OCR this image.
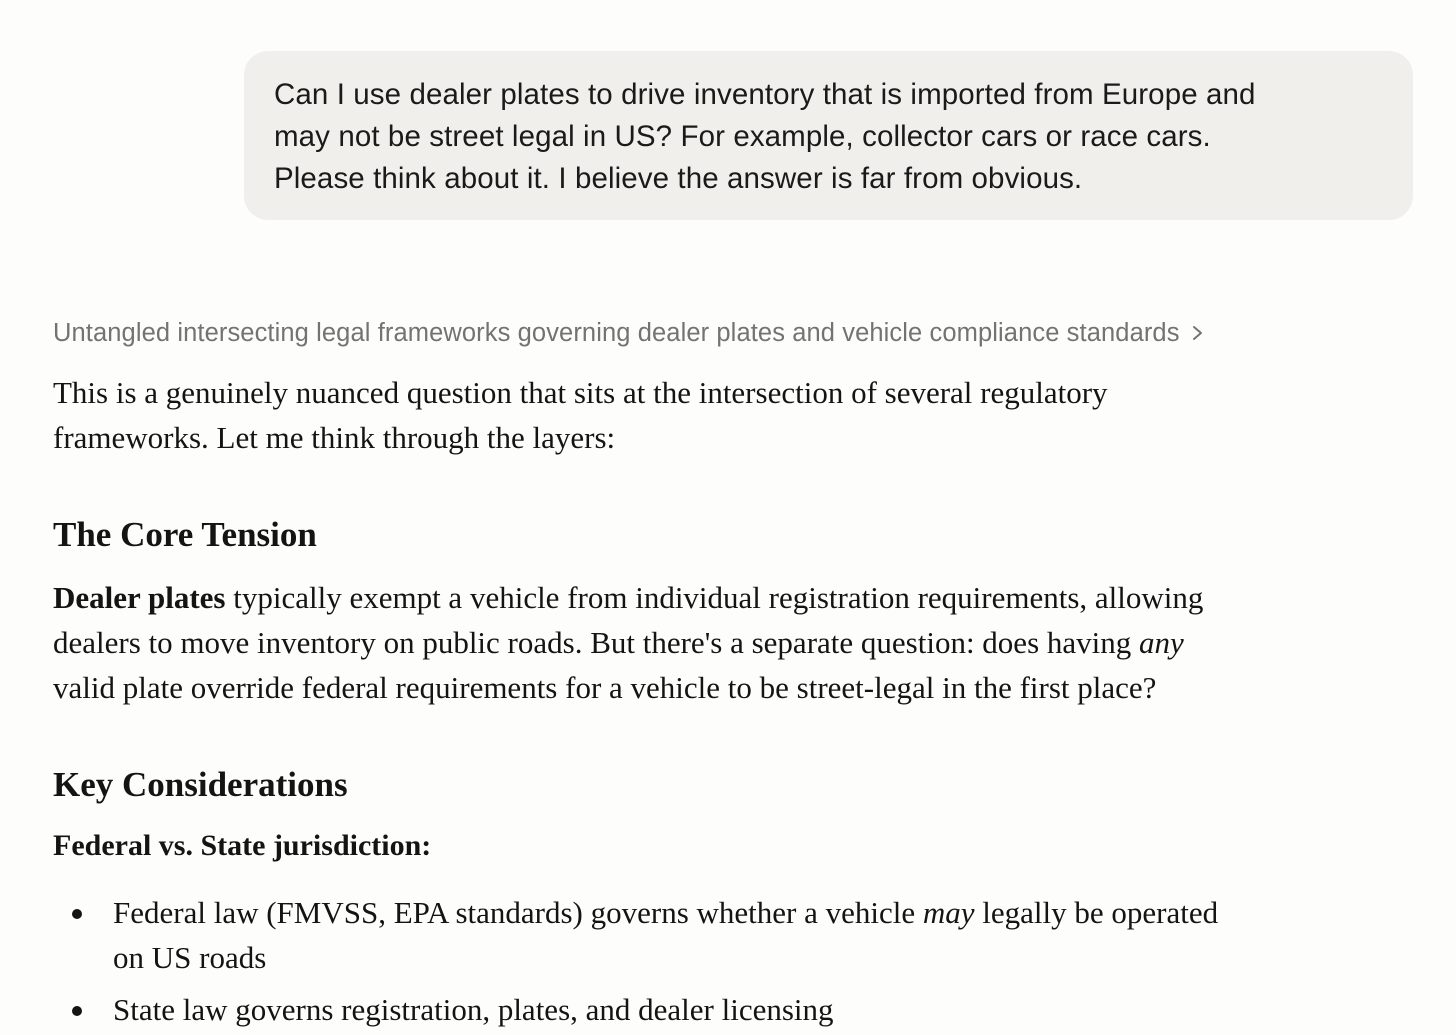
Can I use dealer plates to drive inventory that is imported from Europe and
may not be street legal in US? For example, collector cars or race cars.
Please think about it. I believe the answer is far from obvious.

Untangled intersecting legal frameworks governing dealer plates and vehicle compliance standards

This is a genuinely nuanced question that sits at the intersection of several regulatory
frameworks. Let me think through the layers:

The Core Tension

Dealer plates typically exempt a vehicle from individual registration requirements, allowing
dealers to move inventory on public roads. But there's a separate question: does having any
valid plate override federal requirements for a vehicle to be street-legal in the first place?

Key Considerations
Federal vs. State jurisdiction:
Federal law (FMVSS, EPA standards) governs whether a vehicle may legally be operated
on US roads
State law governs registration, plates, and dealer licensing
